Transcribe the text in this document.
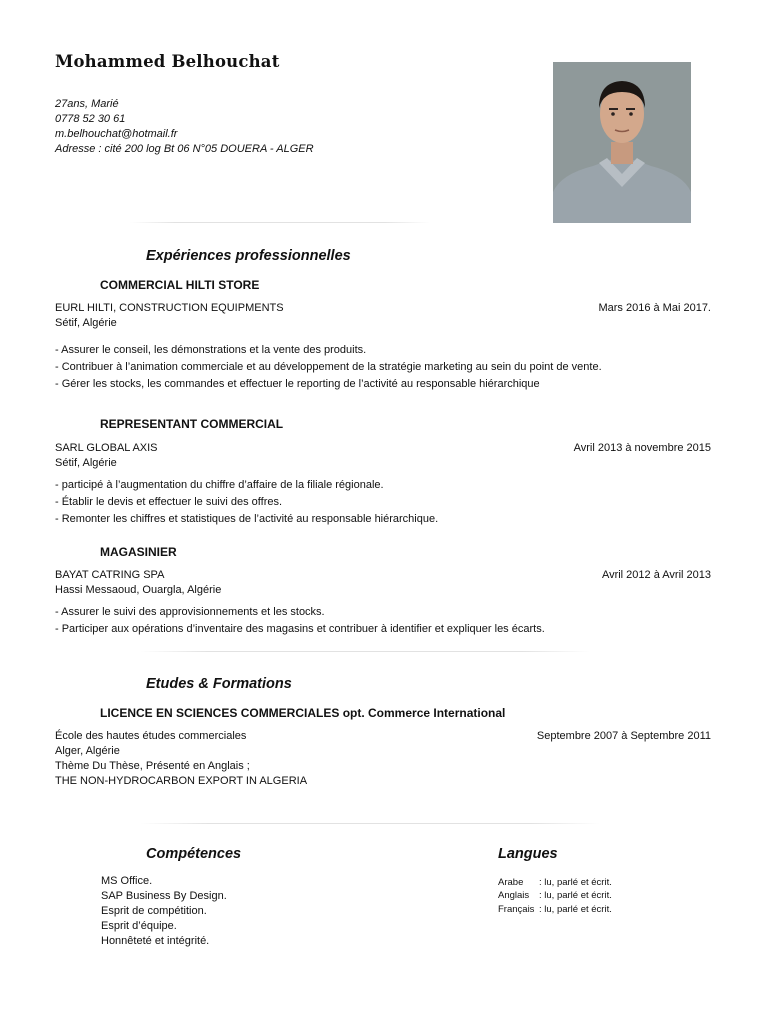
Mohammed Belhouchat
27ans, Marié
0778 52 30 61
m.belhouchat@hotmail.fr
Adresse : cité 200 log Bt 06 N°05 DOUERA - ALGER
Expériences professionnelles
COMMERCIAL HILTI STORE
EURL HILTI, CONSTRUCTION EQUIPMENTS	Mars 2016 à Mai 2017.
Sétif, Algérie
- Assurer le conseil, les démonstrations et la vente des produits.
- Contribuer à l’animation commerciale et au développement de la stratégie marketing au sein du point de vente.
- Gérer les stocks, les commandes et effectuer le reporting de l’activité au responsable hiérarchique
REPRESENTANT COMMERCIAL
SARL GLOBAL AXIS	Avril 2013 à novembre 2015
Sétif, Algérie
- participé à l’augmentation du chiffre d’affaire de la filiale régionale.
- Établir le devis et effectuer le suivi des offres.
- Remonter les chiffres et statistiques de l’activité au responsable hiérarchique.
MAGASINIER
BAYAT CATRING SPA	Avril 2012 à Avril 2013
Hassi Messaoud, Ouargla, Algérie
- Assurer le suivi des approvisionnements et les stocks.
- Participer aux opérations d’inventaire des magasins et contribuer à identifier et expliquer les écarts.
Etudes & Formations
LICENCE EN SCIENCES COMMERCIALES opt. Commerce International
École des hautes études commerciales	Septembre 2007 à Septembre 2011
Alger, Algérie
Thème Du Thèse, Présenté en Anglais ;
THE NON-HYDROCARBON EXPORT IN ALGERIA
Compétences
MS Office.
SAP Business By Design.
Esprit de compétition.
Esprit d’équipe.
Honnêteté et intégrité.
Langues
Arabe : lu, parlé et écrit.
Anglais : lu, parlé et écrit.
Français : lu, parlé et écrit.
